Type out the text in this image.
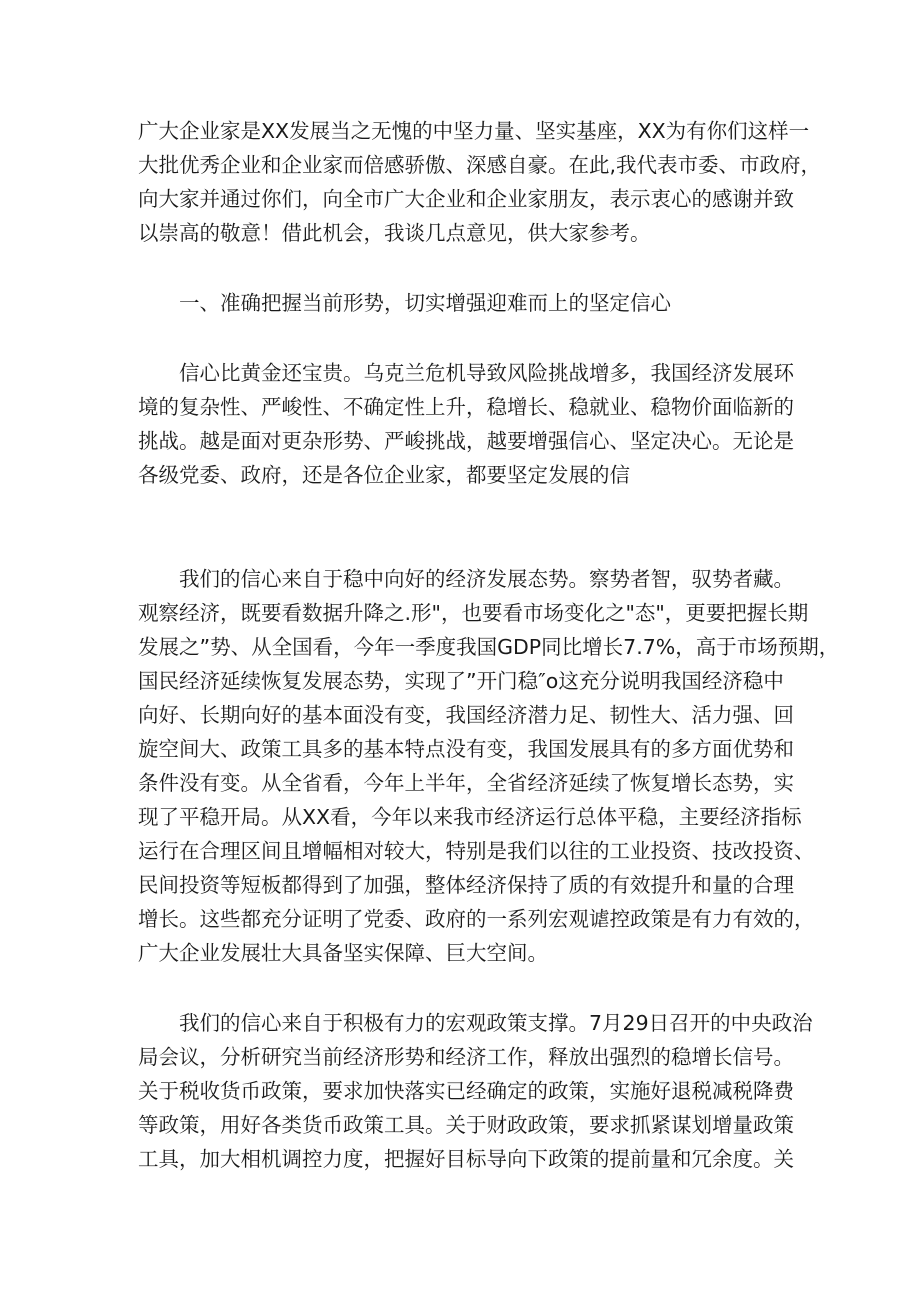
广大企业家是XX发展当之无愧的中坚力量、坚实基座，XX为有你们这样一
大批优秀企业和企业家而倍感骄傲、深感自豪。在此,我代表市委、市政府，
向大家并通过你们，向全市广大企业和企业家朋友，表示衷心的感谢并致
以崇高的敬意！借此机会，我谈几点意见，供大家参考。

　　一、准确把握当前形势，切实增强迎难而上的坚定信心

　　信心比黄金还宝贵。乌克兰危机导致风险挑战增多，我国经济发展环
境的复杂性、严峻性、不确定性上升，稳增长、稳就业、稳物价面临新的
挑战。越是面对更杂形势、严峻挑战，越要增强信心、坚定决心。无论是
各级党委、政府，还是各位企业家，都要坚定发展的信

　　我们的信心来自于稳中向好的经济发展态势。察势者智，驭势者藏。
观察经济，既要看数据升降之.形"，也要看市场变化之"态"，更要把握长期
发展之”势、从全国看，今年一季度我国GDP同比增长7.7%，高于市场预期，
国民经济延续恢复发展态势，实现了”开门稳″o这充分说明我国经济稳中
向好、长期向好的基本面没有变，我国经济潜力足、韧性大、活力强、回
旋空间大、政策工具多的基本特点没有变，我国发展具有的多方面优势和
条件没有变。从全省看，今年上半年，全省经济延续了恢复增长态势，实
现了平稳开局。从XX看，今年以来我市经济运行总体平稳，主要经济指标
运行在合理区间且增幅相对较大，特别是我们以往的工业投资、技改投资、
民间投资等短板都得到了加强，整体经济保持了质的有效提升和量的合理
增长。这些都充分证明了党委、政府的一系列宏观谑控政策是有力有效的，
广大企业发展壮大具备坚实保障、巨大空间。

　　我们的信心来自于积极有力的宏观政策支撑。7月29日召开的中央政治
局会议，分析研究当前经济形势和经济工作，释放出强烈的稳增长信号。
关于税收货币政策，要求加快落实已经确定的政策，实施好退税减税降费
等政策，用好各类货币政策工具。关于财政政策，要求抓紧谋划增量政策
工具，加大相机调控力度，把握好目标导向下政策的提前量和冗余度。关
